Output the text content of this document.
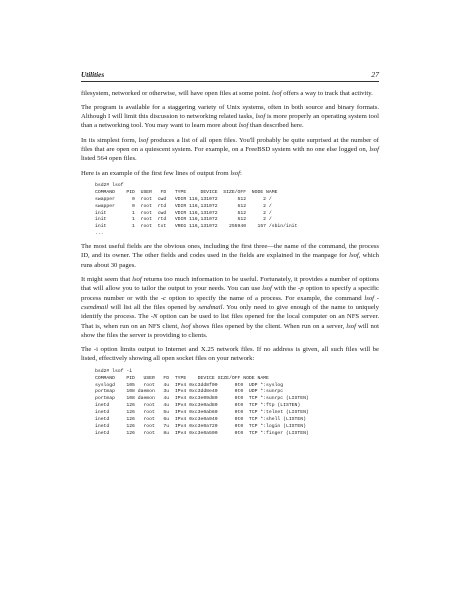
Utilities	27

filesystem, networked or otherwise, will have open files at some point. lsof offers a way to track that activity.

The program is available for a staggering variety of Unix systems, often in both source and binary formats. Although I will limit this discussion to networking related tasks, lsof is more properly an operating system tool than a networking tool. You may want to learn more about lsof than described here.

In its simplest form, lsof produces a list of all open files. You'll probably be quite surprised at the number of files that are open on a quiescent system. For example, on a FreeBSD system with no one else logged on, lsof listed 564 open files.

Here is an example of the first few lines of output from lsof:

bsd2# lsof
COMMAND    PID  USER   FD   TYPE     DEVICE  SIZE/OFF  NODE NAME
swapper      0  root  cwd   VDIR 116,131072       512      2 /
swapper      0  root  rtd   VDIR 116,131072       512      2 /
init         1  root  cwd   VDIR 116,131072       512      2 /
init         1  root  rtd   VDIR 116,131072       512      2 /
init         1  root  txt   VREG 116,131072    255940    157 /sbin/init
...

The most useful fields are the obvious ones, including the first three—the name of the command, the process ID, and its owner. The other fields and codes used in the fields are explained in the manpage for lsof, which runs about 30 pages.

It might seem that lsof returns too much information to be useful. Fortunately, it provides a number of options that will allow you to tailor the output to your needs. You can use lsof with the -p option to specify a specific process number or with the -c option to specify the name of a process. For example, the command lsof -csendmail will list all the files opened by sendmail. You only need to give enough of the name to uniquely identify the process. The -N option can be used to list files opened for the local computer on an NFS server. That is, when run on an NFS client, lsof shows files opened by the client. When run on a server, lsof will not show the files the server is providing to clients.

The -i option limits output to Internet and X.25 network files. If no address is given, all such files will be listed, effectively showing all open socket files on your network:

bsd2# lsof -i
COMMAND    PID   USER   FD  TYPE    DEVICE SIZE/OFF NODE NAME
syslogd    105   root   4u  IPv4 0xc3dd8f00      0t0  UDP *:syslog
portmap    108 daemon   3u  IPv4 0xc3dd8e40      0t0  UDP *:sunrpc
portmap    108 daemon   4u  IPv4 0xc3e09d80      0t0  TCP *:sunrpc (LISTEN)
inetd      126   root   4u  IPv4 0xc3e0ad80      0t0  TCP *:ftp (LISTEN)
inetd      126   root   5u  IPv4 0xc3e0ab60      0t0  TCP *:telnet (LISTEN)
inetd      126   root   6u  IPv4 0xc3e0a940      0t0  TCP *:shell (LISTEN)
inetd      126   root   7u  IPv4 0xc3e0a720      0t0  TCP *:login (LISTEN)
inetd      126   root   8u  IPv4 0xc3e0a500      0t0  TCP *:finger (LISTEN)
